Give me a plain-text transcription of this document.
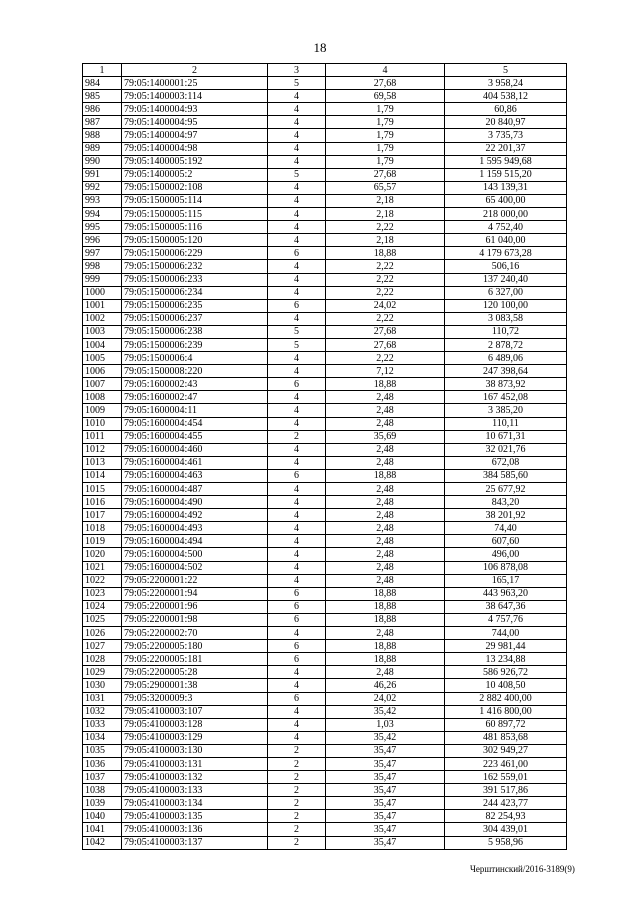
18
1	2	3	4	5
984	79:05:1400001:25	5	27,68	3 958,24
985	79:05:1400003:114	4	69,58	404 538,12
986	79:05:1400004:93	4	1,79	60,86
987	79:05:1400004:95	4	1,79	20 840,97
988	79:05:1400004:97	4	1,79	3 735,73
989	79:05:1400004:98	4	1,79	22 201,37
990	79:05:1400005:192	4	1,79	1 595 949,68
991	79:05:1400005:2	5	27,68	1 159 515,20
992	79:05:1500002:108	4	65,57	143 139,31
993	79:05:1500005:114	4	2,18	65 400,00
994	79:05:1500005:115	4	2,18	218 000,00
995	79:05:1500005:116	4	2,22	4 752,40
996	79:05:1500005:120	4	2,18	61 040,00
997	79:05:1500006:229	6	18,88	4 179 673,28
998	79:05:1500006:232	4	2,22	506,16
999	79:05:1500006:233	4	2,22	137 240,40
1000	79:05:1500006:234	4	2,22	6 327,00
1001	79:05:1500006:235	6	24,02	120 100,00
1002	79:05:1500006:237	4	2,22	3 083,58
1003	79:05:1500006:238	5	27,68	110,72
1004	79:05:1500006:239	5	27,68	2 878,72
1005	79:05:1500006:4	4	2,22	6 489,06
1006	79:05:1500008:220	4	7,12	247 398,64
1007	79:05:1600002:43	6	18,88	38 873,92
1008	79:05:1600002:47	4	2,48	167 452,08
1009	79:05:1600004:11	4	2,48	3 385,20
1010	79:05:1600004:454	4	2,48	110,11
1011	79:05:1600004:455	2	35,69	10 671,31
1012	79:05:1600004:460	4	2,48	32 021,76
1013	79:05:1600004:461	4	2,48	672,08
1014	79:05:1600004:463	6	18,88	384 585,60
1015	79:05:1600004:487	4	2,48	25 677,92
1016	79:05:1600004:490	4	2,48	843,20
1017	79:05:1600004:492	4	2,48	38 201,92
1018	79:05:1600004:493	4	2,48	74,40
1019	79:05:1600004:494	4	2,48	607,60
1020	79:05:1600004:500	4	2,48	496,00
1021	79:05:1600004:502	4	2,48	106 878,08
1022	79:05:2200001:22	4	2,48	165,17
1023	79:05:2200001:94	6	18,88	443 963,20
1024	79:05:2200001:96	6	18,88	38 647,36
1025	79:05:2200001:98	6	18,88	4 757,76
1026	79:05:2200002:70	4	2,48	744,00
1027	79:05:2200005:180	6	18,88	29 981,44
1028	79:05:2200005:181	6	18,88	13 234,88
1029	79:05:2200005:28	4	2,48	586 926,72
1030	79:05:2900001:38	4	46,26	10 408,50
1031	79:05:3200009:3	6	24,02	2 882 400,00
1032	79:05:4100003:107	4	35,42	1 416 800,00
1033	79:05:4100003:128	4	1,03	60 897,72
1034	79:05:4100003:129	4	35,42	481 853,68
1035	79:05:4100003:130	2	35,47	302 949,27
1036	79:05:4100003:131	2	35,47	223 461,00
1037	79:05:4100003:132	2	35,47	162 559,01
1038	79:05:4100003:133	2	35,47	391 517,86
1039	79:05:4100003:134	2	35,47	244 423,77
1040	79:05:4100003:135	2	35,47	82 254,93
1041	79:05:4100003:136	2	35,47	304 439,01
1042	79:05:4100003:137	2	35,47	5 958,96
Черштинский/2016-3189(9)
